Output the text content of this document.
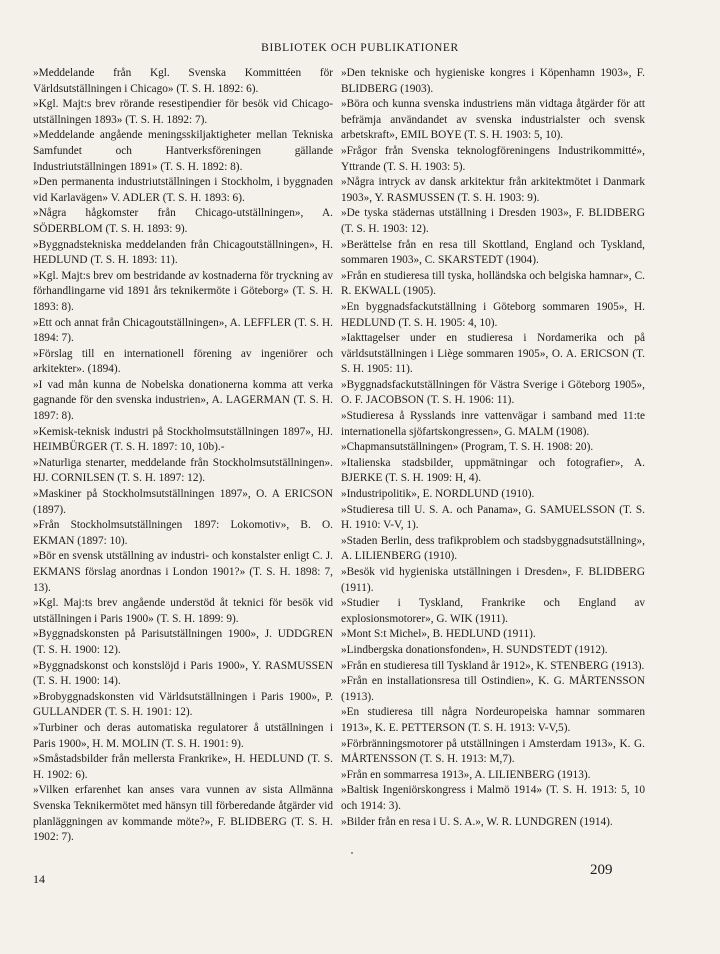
BIBLIOTEK OCH PUBLIKATIONER

»Meddelande från Kgl. Svenska Kommittéen för Världsutställningen i Chicago» (T. S. H. 1892: 6).

»Kgl. Majt:s brev rörande resestipendier för besök vid Chicago-utställningen 1893» (T. S. H. 1892: 7).

»Meddelande angående meningsskiljaktigheter mellan Tekniska Samfundet och Hantverksföreningen gällande Industriutställningen 1891» (T. S. H. 1892: 8).

»Den permanenta industriutställningen i Stockholm, i byggnaden vid Karlavägen» V. ADLER (T. S. H. 1893: 6).

»Några hågkomster från Chicago-utställningen», A. SÖDERBLOM (T. S. H. 1893: 9).

»Byggnadstekniska meddelanden från Chicagoutställningen», H. HEDLUND (T. S. H. 1893: 11).

»Kgl. Majt:s brev om bestridande av kostnaderna för tryckning av förhandlingarne vid 1891 års teknikermöte i Göteborg» (T. S. H. 1893: 8).

»Ett och annat från Chicagoutställningen», A. LEFFLER (T. S. H. 1894: 7).

»Förslag till en internationell förening av ingeniörer och arkitekter». (1894).

»I vad mån kunna de Nobelska donationerna komma att verka gagnande för den svenska industrien», A. LAGERMAN (T. S. H. 1897: 8).

»Kemisk-teknisk industri på Stockholmsutställningen 1897», HJ. HEIMBÜRGER (T. S. H. 1897: 10, 10b).-

»Naturliga stenarter, meddelande från Stockholmsutställningen». HJ. CORNILSEN (T. S. H. 1897: 12).

»Maskiner på Stockholmsutställningen 1897», O. A ERICSON (1897).

»Från Stockholmsutställningen 1897: Lokomotiv», B. O. EKMAN (1897: 10).

»Bör en svensk utställning av industri- och konstalster enligt C. J. EKMANS förslag anordnas i London 1901?» (T. S. H. 1898: 7, 13).

»Kgl. Maj:ts brev angående understöd åt teknici för besök vid utställningen i Paris 1900» (T. S. H. 1899: 9).

»Byggnadskonsten på Parisutställningen 1900», J. UDDGREN (T. S. H. 1900: 12).

»Byggnadskonst och konstslöjd i Paris 1900», Y. RASMUSSEN (T. S. H. 1900: 14).

»Brobyggnadskonsten vid Världsutställningen i Paris 1900», P. GULLANDER (T. S. H. 1901: 12).

»Turbiner och deras automatiska regulatorer å utställningen i Paris 1900», H. M. MOLIN (T. S. H. 1901: 9).

»Småstadsbilder från mellersta Frankrike», H. HEDLUND (T. S. H. 1902: 6).

»Vilken erfarenhet kan anses vara vunnen av sista Allmänna Svenska Teknikermötet med hänsyn till förberedande åtgärder vid planläggningen av kommande möte?», F. BLIDBERG (T. S. H. 1902: 7).

»Den tekniske och hygieniske kongres i Köpenhamn 1903», F. BLIDBERG (1903).

»Böra och kunna svenska industriens män vidtaga åtgärder för att befrämja användandet av svenska industrialster och svensk arbetskraft», EMIL BOYE (T. S. H. 1903: 5, 10).

»Frågor från Svenska teknologföreningens Industrikommitté», Yttrande (T. S. H. 1903: 5).

»Några intryck av dansk arkitektur från arkitektmötet i Danmark 1903», Y. RASMUSSEN (T. S. H. 1903: 9).

»De tyska städernas utställning i Dresden 1903», F. BLIDBERG (T. S. H. 1903: 12).

»Berättelse från en resa till Skottland, England och Tyskland, sommaren 1903», C. SKARSTEDT (1904).

»Från en studieresa till tyska, holländska och belgiska hamnar», C. R. EKWALL (1905).

»En byggnadsfackutställning i Göteborg sommaren 1905», H. HEDLUND (T. S. H. 1905: 4, 10).

»Iakttagelser under en studieresa i Nordamerika och på världsutställningen i Liège sommaren 1905», O. A. ERICSON (T. S. H. 1905: 11).

»Byggnadsfackutställningen för Västra Sverige i Göteborg 1905», O. F. JACOBSON (T. S. H. 1906: 11).

»Studieresa å Rysslands inre vattenvägar i samband med 11:te internationella sjöfartskongressen», G. MALM (1908).

»Chapmansutställningen» (Program, T. S. H. 1908: 20).

»Italienska stadsbilder, uppmätningar och fotografier», A. BJERKE (T. S. H. 1909: H, 4).

»Industripolitik», E. NORDLUND (1910).

»Studieresa till U. S. A. och Panama», G. SAMUELSSON (T. S. H. 1910: V-V, 1).

»Staden Berlin, dess trafikproblem och stadsbyggnadsutställning», A. LILIENBERG (1910).

»Besök vid hygieniska utställningen i Dresden», F. BLIDBERG (1911).

»Studier i Tyskland, Frankrike och England av explosionsmotorer», G. WIK (1911).

»Mont S:t Michel», B. HEDLUND (1911).

»Lindbergska donationsfonden», H. SUNDSTEDT (1912).

»Från en studieresa till Tyskland år 1912», K. STENBERG (1913).

»Från en installationsresa till Ostindien», K. G. MÅRTENSSON (1913).

»En studieresa till några Nordeuropeiska hamnar sommaren 1913», K. E. PETTERSON (T. S. H. 1913: V-V,5).

»Förbränningsmotorer på utställningen i Amsterdam 1913», K. G. MÅRTENSSON (T. S. H. 1913: M,7).

»Från en sommarresa 1913», A. LILIENBERG (1913).

»Baltisk Ingeniörskongress i Malmö 1914» (T. S. H. 1913: 5, 10 och 1914: 3).

»Bilder från en resa i U. S. A.», W. R. LUNDGREN (1914).

14
209
